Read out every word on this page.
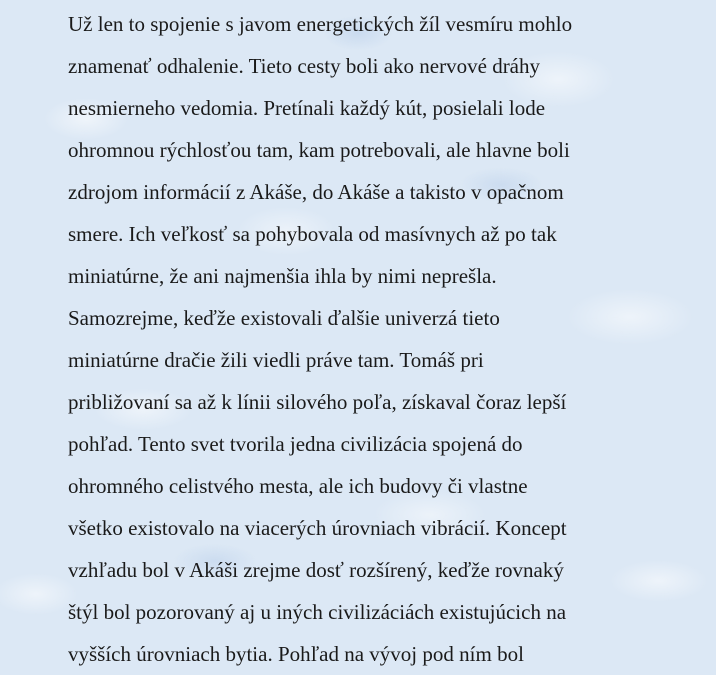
Už len to spojenie s javom energetických žíl vesmíru mohlo
znamenať odhalenie. Tieto cesty boli ako nervové dráhy
nesmierneho vedomia. Pretínali každý kút, posielali lode
ohromnou rýchlosťou tam, kam potrebovali, ale hlavne boli
zdrojom informácií z Akáše, do Akáše a takisto v opačnom
smere. Ich veľkosť sa pohybovala od masívnych až po tak
miniatúrne, že ani najmenšia ihla by nimi neprešla.
Samozrejme, keďže existovali ďalšie univerzá tieto
miniatúrne dračie žili viedli práve tam. Tomáš pri
približovaní sa až k línii silového poľa, získaval čoraz lepší
pohľad. Tento svet tvorila jedna civilizácia spojená do
ohromného celistvého mesta, ale ich budovy či vlastne
všetko existovalo na viacerých úrovniach vibrácií. Koncept
vzhľadu bol v Akáši zrejme dosť rozšírený, keďže rovnaký
štýl bol pozorovaný aj u iných civilizáciách existujúcich na
vyšších úrovniach bytia. Pohľad na vývoj pod ním bol
